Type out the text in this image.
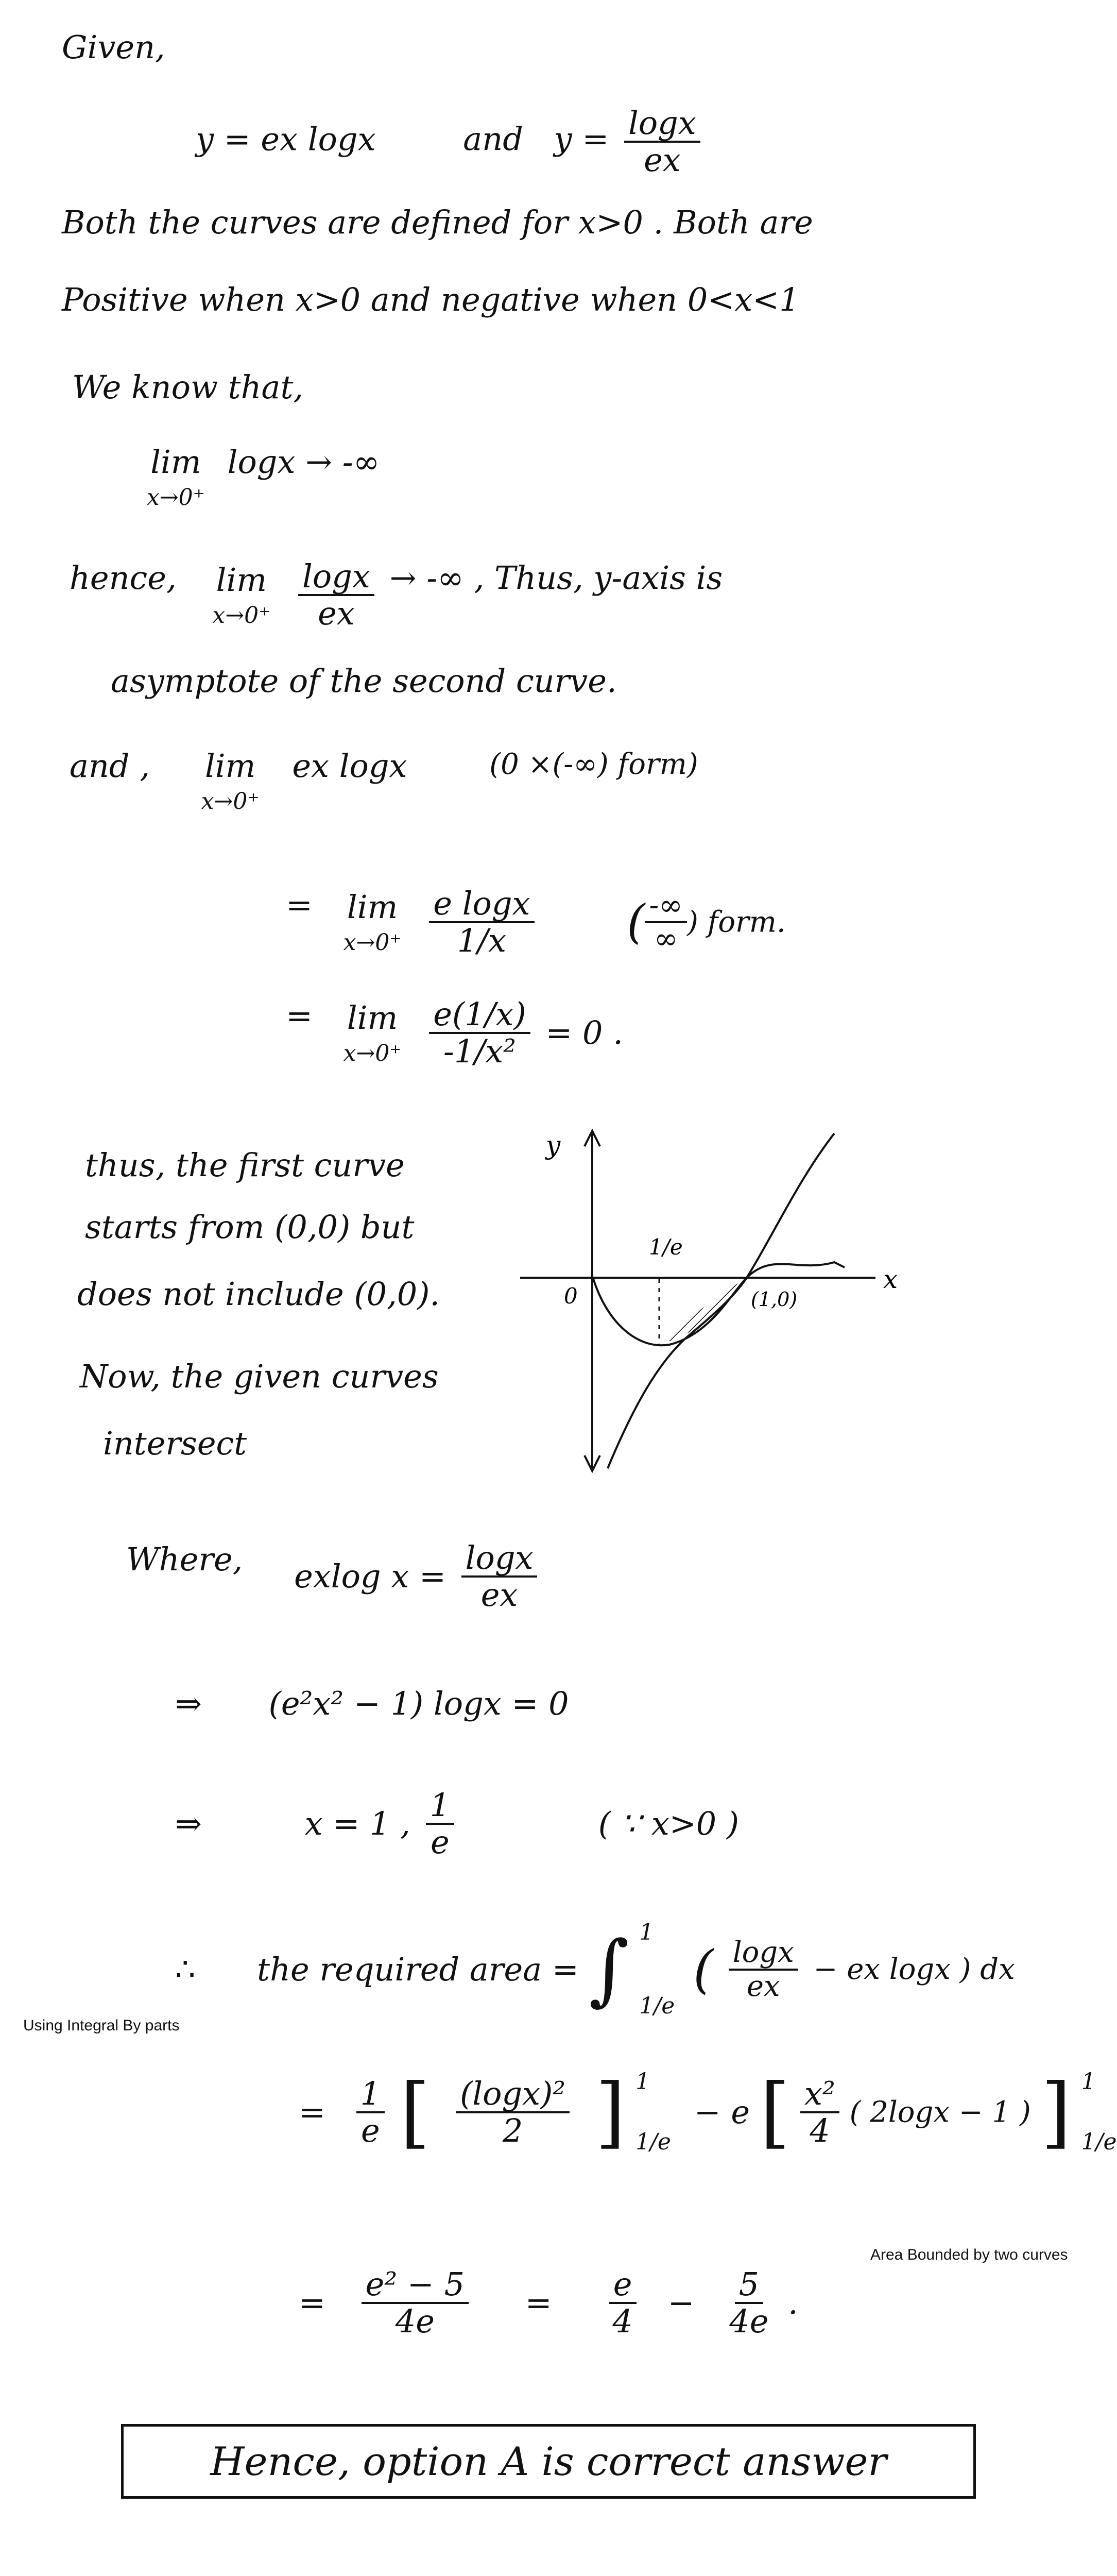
Given,
y = ex logx	and $y = \frac{\log x}{ex}$
Both the curves are defined for x>0 . Both are
Positive when x>0 and negative when 0<x<1
We know that,
lim
x→0⁺
logx → -∞
hence, lim
x→0⁺
$\frac{\log x}{ex}$ → -∞ , Thus, y-axis is
asymptote of the second curve.
and , lim
x→0⁺
ex logx	(0 ×(-∞) form)
= lim
x→0⁺
$\frac{\text{e logx}}{1/x}$ ( $\frac{-\infty}{\infty}$ ) form.
= lim
x→0⁺
$\frac{e(1/x)}{\text{-1/x²}} = 0$ .
thus, the first curve
starts from (0,0) but
does not include (0,0).
Now, the given curves
intersect
y
x
0
1/e
(1,0)
Where, exlog $x = \frac{\log x}{ex}$
⇒ (e²x² − 1) logx = 0
⇒	x = 1 , $\frac{1}{e}$	( ∵ x>0 )
Using Integral By parts
∴ the required area = ∫ 1
1/e
( $\frac{\log x}{ex}$ − ex logx ) dx
= $\frac{1}{e}$ [ $\frac{\text{(logx)²}}{2}$ ] 1
1/e
− e [ $\frac{\text{x²}}{4}$ ( 2logx − 1 ) ] 1
1/e
Area Bounded by two curves
= $\frac{\text{e² − 5}}{4e} = \frac{e}{4} - \frac{5}{4e}$ .
Hence, option A is correct answer
